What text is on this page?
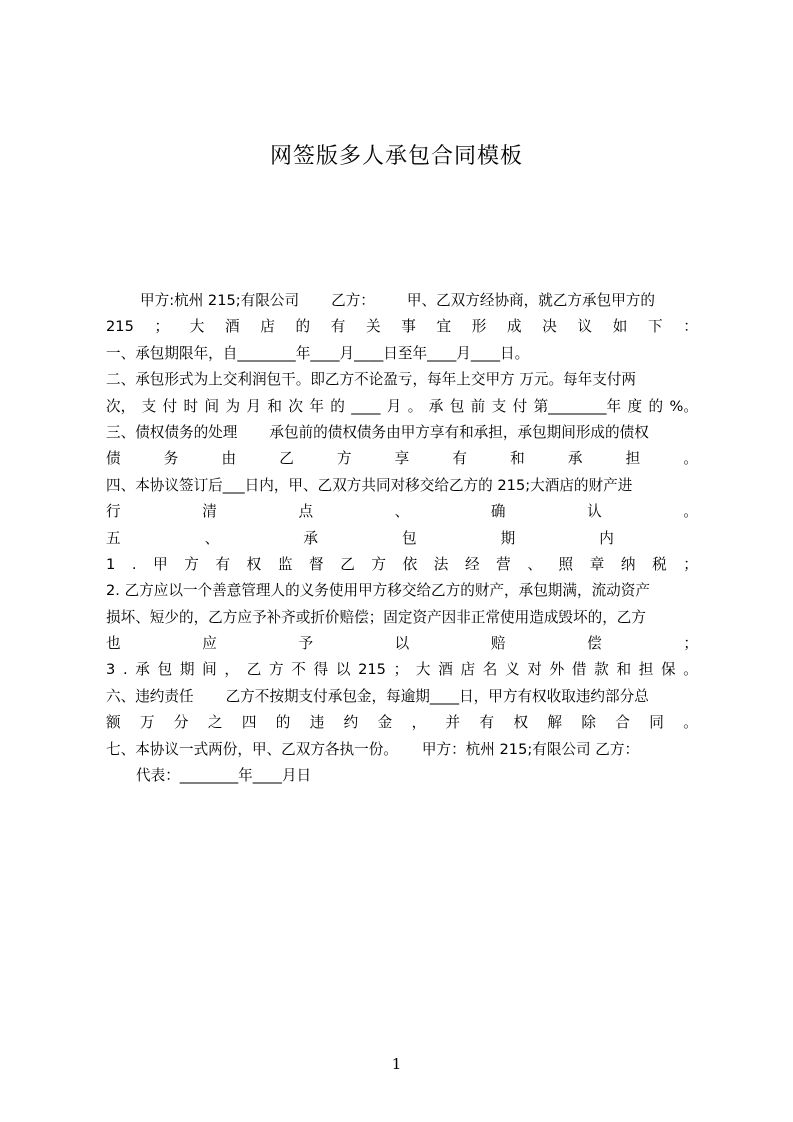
网签版多人承包合同模板
甲方:杭州 215;有限公司 乙方： 甲、乙双方经协商，就乙方承包甲方的
215 ； 大 酒 店 的 有 关 事 宜 形 成 决 议 如 下 ：
一、承包期限年，自________年____月____日至年____月____日。
二、承包形式为上交利润包干。即乙方不论盈亏，每年上交甲方 万元。每年支付两
次， 支 付 时 间 为 月 和 次 年 的 ____ 月 。 承 包 前 支 付 第________年 度 的 %。
三、债权债务的处理 承包前的债权债务由甲方享有和承担，承包期间形成的债权
债	务	由	乙	方	享	有	和	承	担	。
四、本协议签订后___日内，甲、乙双方共同对移交给乙方的 215;大酒店的财产进
行	清	点	、	确	认	。
五	、	承	包	期	内
1 . 甲 方 有 权 监 督 乙 方 依 法 经 营 、 照 章 纳 税 ；
2. 乙方应以一个善意管理人的义务使用甲方移交给乙方的财产，承包期满，流动资产
损坏、短少的，乙方应予补齐或折价赔偿；固定资产因非正常使用造成毁坏的，乙方
也	应	予	以	赔	偿	；
3 . 承 包 期 间 ， 乙 方 不 得 以 215 ； 大 酒 店 名 义 对 外 借 款 和 担 保 。
六、违约责任 乙方不按期支付承包金，每逾期____日，甲方有权收取违约部分总
额 万 分 之 四 的 违 约 金 ， 并 有 权 解 除 合 同 。
七、本协议一式两份，甲、乙双方各执一份。 甲方：杭州 215;有限公司 乙方：
代表：________年____月日
1
